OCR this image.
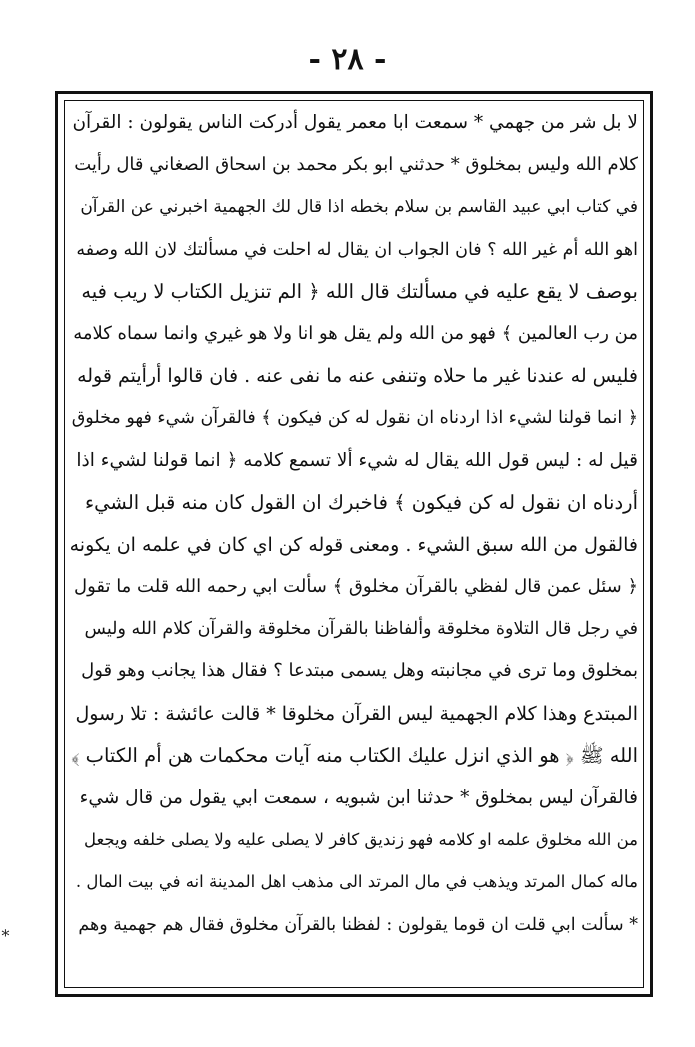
- ٢٨ -
لا بل شر من جهمي * سمعت ابا معمر يقول أدركت الناس يقولون : القرآن
كلام الله وليس بمخلوق * حدثني ابو بكر محمد بن اسحاق الصغاني قال رأيت
في كتاب ابي عبيد القاسم بن سلام بخطه اذا قال لك الجهمية اخبرني عن القرآن
اهو الله أم غير الله ؟ فان الجواب ان يقال له احلت في مسألتك لان الله وصفه
بوصف لا يقع عليه في مسألتك قال الله ﴿ الم تنزيل الكتاب لا ريب فيه
من رب العالمين ﴾ فهو من الله ولم يقل هو انا ولا هو غيري وانما سماه كلامه
فليس له عندنا غير ما حلاه وتنفى عنه ما نفى عنه . فان قالوا أرأيتم قوله
﴿ انما قولنا لشيء اذا اردناه ان نقول له كن فيكون ﴾ فالقرآن شيء فهو مخلوق
قيل له : ليس قول الله يقال له شيء ألا تسمع كلامه ﴿ انما قولنا لشيء اذا
أردناه ان نقول له كن فيكون ﴾ فاخبرك ان القول كان منه قبل الشيء
فالقول من الله سبق الشيء . ومعنى قوله كن اي كان في علمه ان يكونه
﴿ سئل عمن قال لفظي بالقرآن مخلوق ﴾ سألت ابي رحمه الله قلت ما تقول
في رجل قال التلاوة مخلوقة وألفاظنا بالقرآن مخلوقة والقرآن كلام الله وليس
بمخلوق وما ترى في مجانبته وهل يسمى مبتدعا ؟ فقال هذا يجانب وهو قول
المبتدع وهذا كلام الجهمية ليس القرآن مخلوقا * قالت عائشة : تلا رسول
الله ﷺ ﴿ هو الذي انزل عليك الكتاب منه آيات محكمات هن أم الكتاب ﴾
فالقرآن ليس بمخلوق * حدثنا ابن شبويه ، سمعت ابي يقول من قال شيء
من الله مخلوق علمه او كلامه فهو زنديق كافر لا يصلى عليه ولا يصلى خلفه ويجعل
ماله كمال المرتد ويذهب في مال المرتد الى مذهب اهل المدينة انه في بيت المال .
* سألت ابي قلت ان قوما يقولون : لفظنا بالقرآن مخلوق فقال هم جهمية وهم
∗
